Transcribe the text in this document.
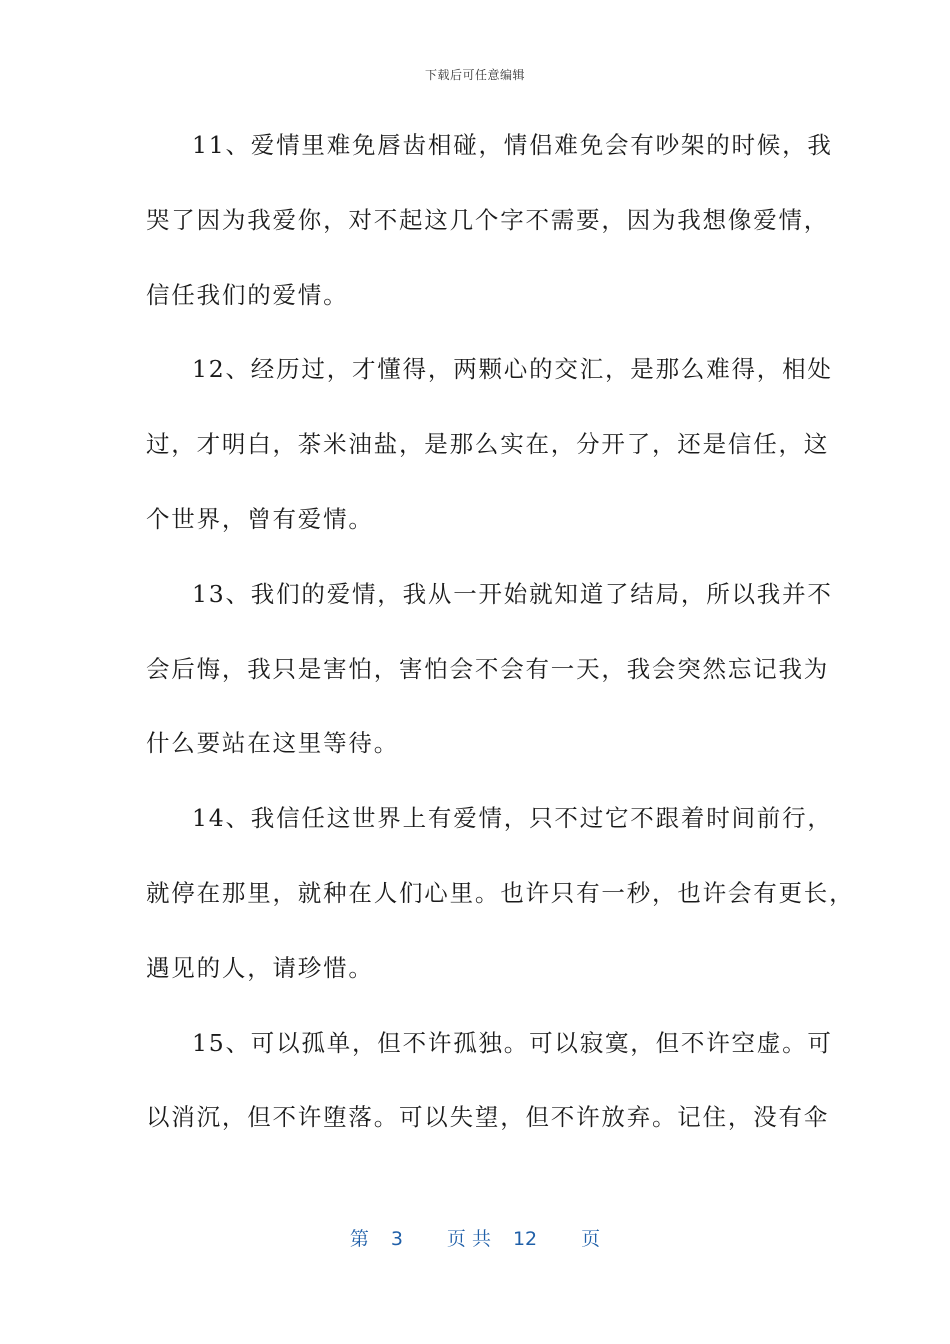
下载后可任意编辑
11、爱情里难免唇齿相碰，情侣难免会有吵架的时候，我
哭了因为我爱你，对不起这几个字不需要，因为我想像爱情，
信任我们的爱情。
12、经历过，才懂得，两颗心的交汇，是那么难得，相处
过，才明白，茶米油盐，是那么实在，分开了，还是信任，这
个世界，曾有爱情。
13、我们的爱情，我从一开始就知道了结局，所以我并不
会后悔，我只是害怕，害怕会不会有一天，我会突然忘记我为
什么要站在这里等待。
14、我信任这世界上有爱情，只不过它不跟着时间前行，
就停在那里，就种在人们心里。也许只有一秒，也许会有更长，
遇见的人，请珍惜。
15、可以孤单，但不许孤独。可以寂寞，但不许空虚。可
以消沉，但不许堕落。可以失望，但不许放弃。记住，没有伞
第 3 页 共 12 页
